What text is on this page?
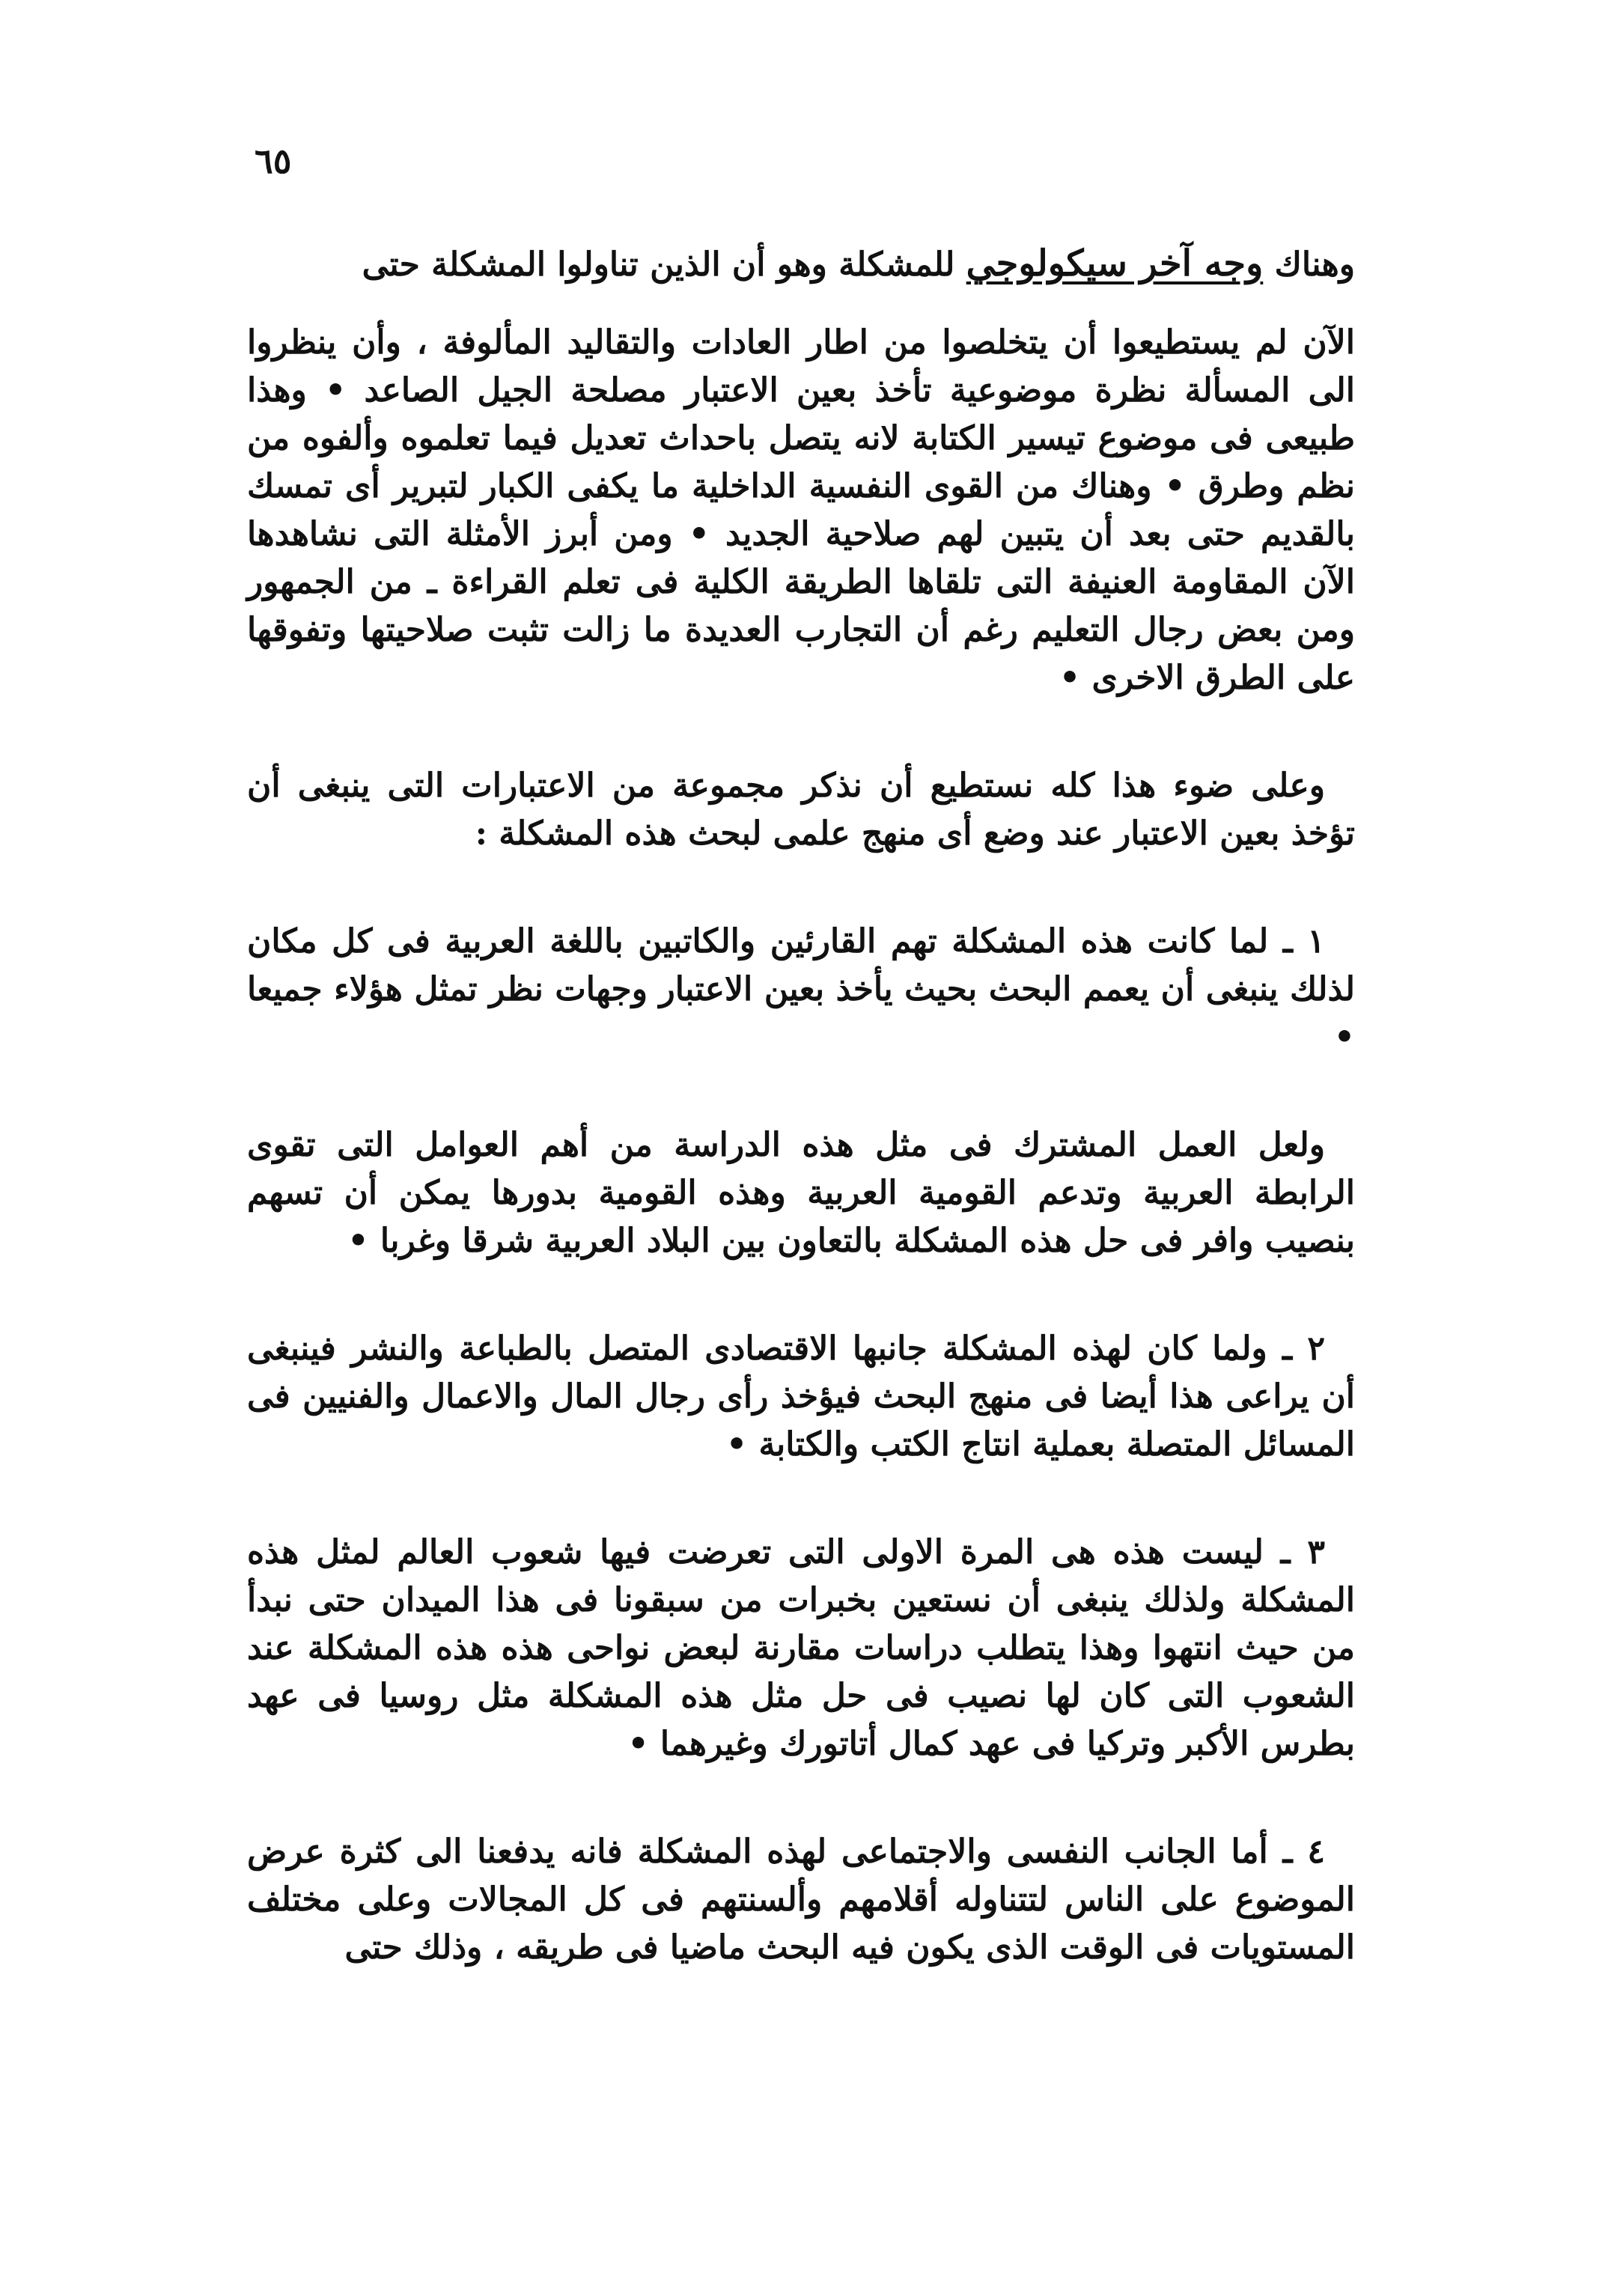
٦٥

وهناك وجه آخر سيكولوجي للمشكلة وهو أن الذين تناولوا المشكلة حتى

الآن لم يستطيعوا أن يتخلصوا من اطار العادات والتقاليد المألوفة ، وأن ينظروا الى المسألة نظرة موضوعية تأخذ بعين الاعتبار مصلحة الجيل الصاعد • وهذا طبيعى فى موضوع تيسير الكتابة لانه يتصل باحداث تعديل فيما تعلموه وألفوه من نظم وطرق • وهناك من القوى النفسية الداخلية ما يكفى الكبار لتبرير أى تمسك بالقديم حتى بعد أن يتبين لهم صلاحية الجديد • ومن أبرز الأمثلة التى نشاهدها الآن المقاومة العنيفة التى تلقاها الطريقة الكلية فى تعلم القراءة ـ من الجمهور ومن بعض رجال التعليم رغم أن التجارب العديدة ما زالت تثبت صلاحيتها وتفوقها على الطرق الاخرى •

وعلى ضوء هذا كله نستطيع أن نذكر مجموعة من الاعتبارات التى ينبغى أن تؤخذ بعين الاعتبار عند وضع أى منهج علمى لبحث هذه المشكلة :

١ ـ لما كانت هذه المشكلة تهم القارئين والكاتبين باللغة العربية فى كل مكان لذلك ينبغى أن يعمم البحث بحيث يأخذ بعين الاعتبار وجهات نظر تمثل هؤلاء جميعا •

ولعل العمل المشترك فى مثل هذه الدراسة من أهم العوامل التى تقوى الرابطة العربية وتدعم القومية العربية وهذه القومية بدورها يمكن أن تسهم بنصيب وافر فى حل هذه المشكلة بالتعاون بين البلاد العربية شرقا وغربا •

٢ ـ ولما كان لهذه المشكلة جانبها الاقتصادى المتصل بالطباعة والنشر فينبغى أن يراعى هذا أيضا فى منهج البحث فيؤخذ رأى رجال المال والاعمال والفنيين فى المسائل المتصلة بعملية انتاج الكتب والكتابة •

٣ ـ ليست هذه هى المرة الاولى التى تعرضت فيها شعوب العالم لمثل هذه المشكلة ولذلك ينبغى أن نستعين بخبرات من سبقونا فى هذا الميدان حتى نبدأ من حيث انتهوا وهذا يتطلب دراسات مقارنة لبعض نواحى هذه هذه المشكلة عند الشعوب التى كان لها نصيب فى حل مثل هذه المشكلة مثل روسيا فى عهد بطرس الأكبر وتركيا فى عهد كمال أتاتورك وغيرهما •

٤ ـ أما الجانب النفسى والاجتماعى لهذه المشكلة فانه يدفعنا الى كثرة عرض الموضوع على الناس لتتناوله أقلامهم وألسنتهم فى كل المجالات وعلى مختلف المستويات فى الوقت الذى يكون فيه البحث ماضيا فى طريقه ، وذلك حتى
